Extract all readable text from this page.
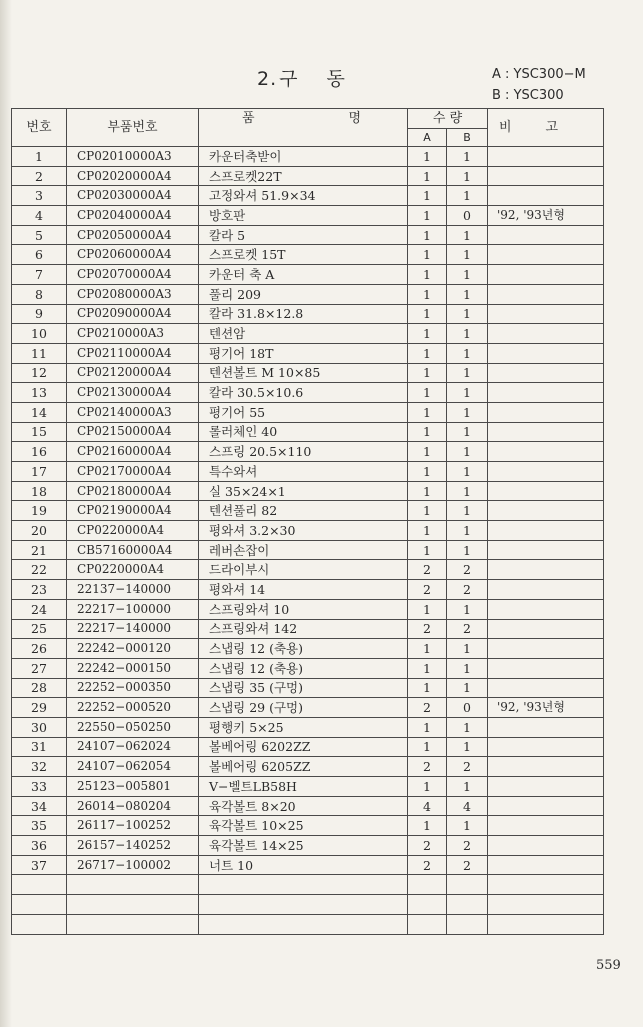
2. 구 동	A : YSC300−M
B : YSC300
번호	부품번호	품 명	수 량		비고
			A	B	
1	CP02010000A3	카운터축받이	1	1	
2	CP02020000A4	스프로켓22T	1	1	
3	CP02030000A4	고정와셔 51.9×34	1	1	
4	CP02040000A4	방호판	1	0	'92, '93년형
5	CP02050000A4	칼라 5	1	1	
6	CP02060000A4	스프로켓 15T	1	1	
7	CP02070000A4	카운터 축 A	1	1	
8	CP02080000A3	풀리 209	1	1	
9	CP02090000A4	칼라 31.8×12.8	1	1	
10	CP0210000A3	텐션암	1	1	
11	CP02110000A4	평기어 18T	1	1	
12	CP02120000A4	텐션볼트 M 10×85	1	1	
13	CP02130000A4	칼라 30.5×10.6	1	1	
14	CP02140000A3	평기어 55	1	1	
15	CP02150000A4	롤러체인 40	1	1	
16	CP02160000A4	스프링 20.5×110	1	1	
17	CP02170000A4	특수와셔	1	1	
18	CP02180000A4	실 35×24×1	1	1	
19	CP02190000A4	텐션풀리 82	1	1	
20	CP0220000A4	평와셔 3.2×30	1	1	
21	CB57160000A4	레버손잡이	1	1	
22	CP0220000A4	드라이부시	2	2	
23	22137−140000	평와셔 14	2	2	
24	22217−100000	스프링와셔 10	1	1	
25	22217−140000	스프링와셔 142	2	2	
26	22242−000120	스냅링 12 (축용)	1	1	
27	22242−000150	스냅링 12 (축용)	1	1	
28	22252−000350	스냅링 35 (구멍)	1	1	
29	22252−000520	스냅링 29 (구멍)	2	0	'92, '93년형
30	22550−050250	평행키 5×25	1	1	
31	24107−062024	볼베어링 6202ZZ	1	1	
32	24107−062054	볼베어링 6205ZZ	2	2	
33	25123−005801	V−벨트LB58H	1	1	
34	26014−080204	육각볼트 8×20	4	4	
35	26117−100252	육각볼트 10×25	1	1	
36	26157−140252	육각볼트 14×25	2	2	
37	26717−100002	너트 10	2	2	

559
